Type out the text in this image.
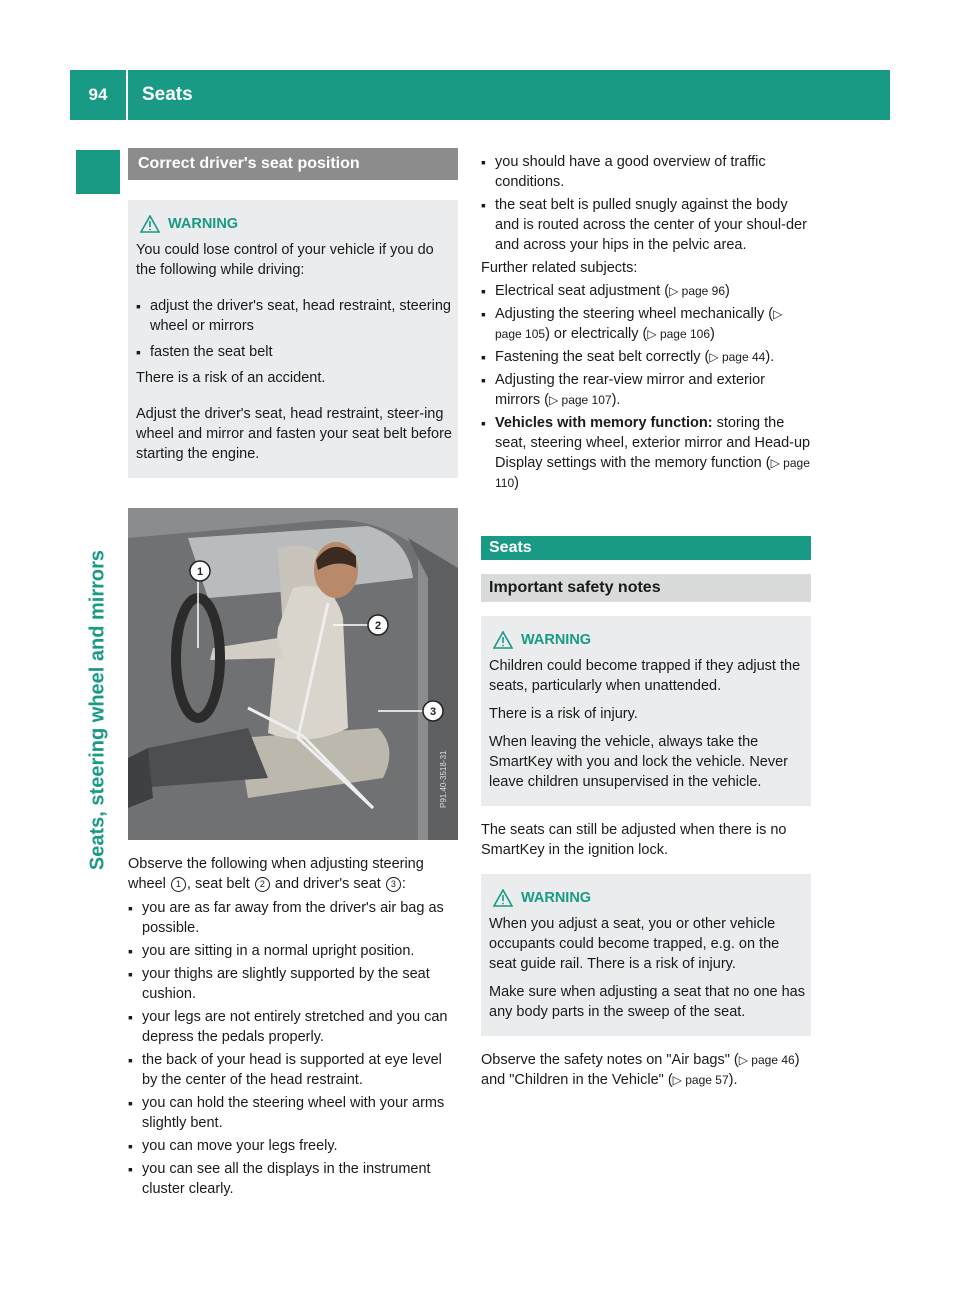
94	Seats
Seats, steering wheel and mirrors
Correct driver's seat position
WARNING

You could lose control of your vehicle if you do the following while driving:

▪ adjust the driver's seat, head restraint, steering wheel or mirrors
▪ fasten the seat belt

There is a risk of an accident.

Adjust the driver's seat, head restraint, steer-ing wheel and mirror and fasten your seat belt before starting the engine.

1
2
3
P91.40-3518-31

Observe the following when adjusting steering wheel 1 , seat belt 2 and driver's seat 3 :

▪ you are as far away from the driver's air bag as possible.
▪ you are sitting in a normal upright position.
▪ your thighs are slightly supported by the seat cushion.
▪ your legs are not entirely stretched and you can depress the pedals properly.
▪ the back of your head is supported at eye level by the center of the head restraint.
▪ you can hold the steering wheel with your arms slightly bent.
▪ you can move your legs freely.
▪ you can see all the displays in the instrument cluster clearly.
▪ you should have a good overview of traffic conditions.
▪ the seat belt is pulled snugly against the body and is routed across the center of your shoul-der and across your hips in the pelvic area.

Further related subjects:

▪ Electrical seat adjustment (▷ page 96)
▪ Adjusting the steering wheel mechanically (▷ page 105) or electrically (▷ page 106)
▪ Fastening the seat belt correctly (▷ page 44).
▪ Adjusting the rear-view mirror and exterior mirrors (▷ page 107).
▪ Vehicles with memory function: storing the seat, steering wheel, exterior mirror and Head-up Display settings with the memory function (▷ page 110)
Seats
Important safety notes
WARNING

Children could become trapped if they adjust the seats, particularly when unattended.

There is a risk of injury.

When leaving the vehicle, always take the SmartKey with you and lock the vehicle. Never leave children unsupervised in the vehicle.

The seats can still be adjusted when there is no SmartKey in the ignition lock.

WARNING

When you adjust a seat, you or other vehicle occupants could become trapped, e.g. on the seat guide rail. There is a risk of injury.

Make sure when adjusting a seat that no one has any body parts in the sweep of the seat.

Observe the safety notes on "Air bags" (▷ page 46) and "Children in the Vehicle" (▷ page 57).
